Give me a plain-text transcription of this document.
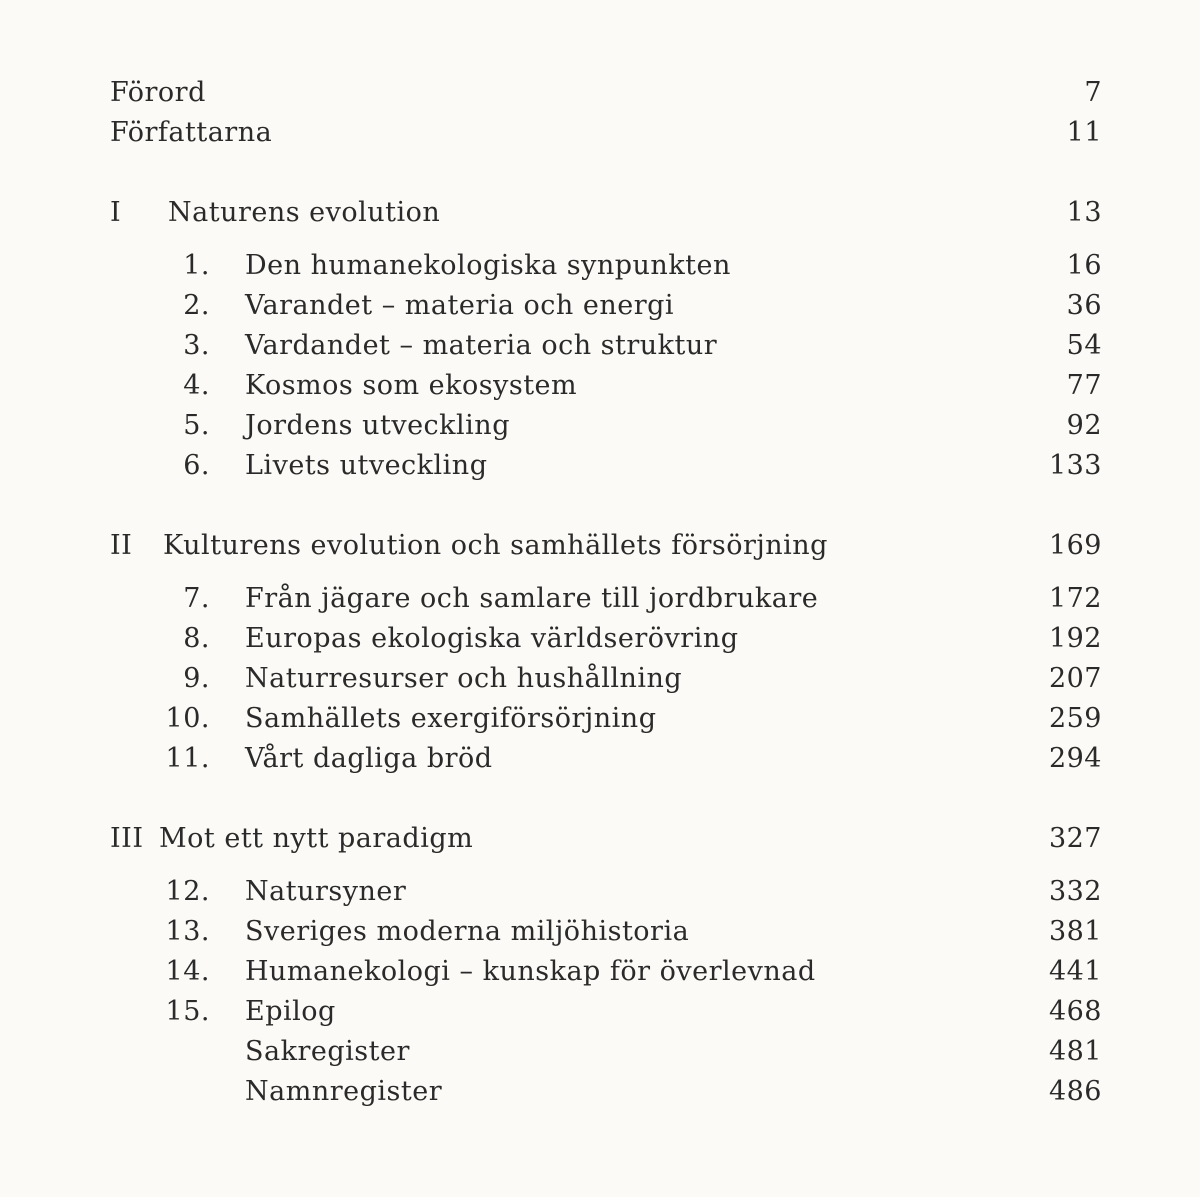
Förord	7
Författarna	11
I Naturens evolution	13
1. Den humanekologiska synpunkten	16
2. Varandet – materia och energi	36
3. Vardandet – materia och struktur	54
4. Kosmos som ekosystem	77
5. Jordens utveckling	92
6. Livets utveckling	133
II Kulturens evolution och samhällets försörjning	169
7. Från jägare och samlare till jordbrukare	172
8. Europas ekologiska världserövring	192
9. Naturresurser och hushållning	207
10. Samhällets exergiförsörjning	259
11. Vårt dagliga bröd	294
III Mot ett nytt paradigm	327
12. Natursyner	332
13. Sveriges moderna miljöhistoria	381
14. Humanekologi – kunskap för överlevnad	441
15. Epilog	468
Sakregister	481
Namnregister	486
